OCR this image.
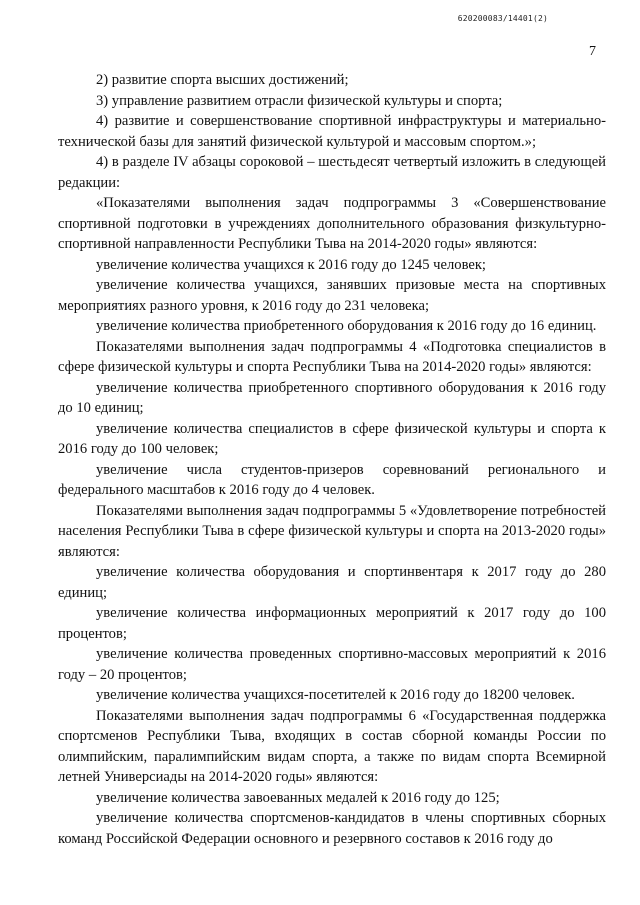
620200083/14401(2)
7

2) развитие спорта высших достижений;

3) управление развитием отрасли физической культуры и спорта;

4) развитие и совершенствование спортивной инфраструктуры и материально-технической базы для занятий физической культурой и массовым спортом.»;

4) в разделе IV абзацы сороковой – шестьдесят четвертый изложить в следующей редакции:

«Показателями выполнения задач подпрограммы 3 «Совершенствование спортивной подготовки в учреждениях дополнительного образования физкультурно-спортивной направленности Республики Тыва на 2014-2020 годы» являются:

увеличение количества учащихся к 2016 году до 1245 человек;

увеличение количества учащихся, занявших призовые места на спортивных мероприятиях разного уровня, к 2016 году до 231 человека;

увеличение количества приобретенного оборудования к 2016 году до 16 единиц.

Показателями выполнения задач подпрограммы 4 «Подготовка специалистов в сфере физической культуры и спорта Республики Тыва на 2014-2020 годы» являются:

увеличение количества приобретенного спортивного оборудования к 2016 году до 10 единиц;

увеличение количества специалистов в сфере физической культуры и спорта к 2016 году до 100 человек;

увеличение числа студентов-призеров соревнований регионального и федерального масштабов к 2016 году до 4 человек.

Показателями выполнения задач подпрограммы 5 «Удовлетворение потребностей населения Республики Тыва в сфере физической культуры и спорта на 2013-2020 годы» являются:

увеличение количества оборудования и спортинвентаря к 2017 году до 280 единиц;

увеличение количества информационных мероприятий к 2017 году до 100 процентов;

увеличение количества проведенных спортивно-массовых мероприятий к 2016 году – 20 процентов;

увеличение количества учащихся-посетителей к 2016 году до 18200 человек.

Показателями выполнения задач подпрограммы 6 «Государственная поддержка спортсменов Республики Тыва, входящих в состав сборной команды России по олимпийским, паралимпийским видам спорта, а также по видам спорта Всемирной летней Универсиады на 2014-2020 годы» являются:

увеличение количества завоеванных медалей к 2016 году до 125;

увеличение количества спортсменов-кандидатов в члены спортивных сборных команд Российской Федерации основного и резервного составов к 2016 году до
